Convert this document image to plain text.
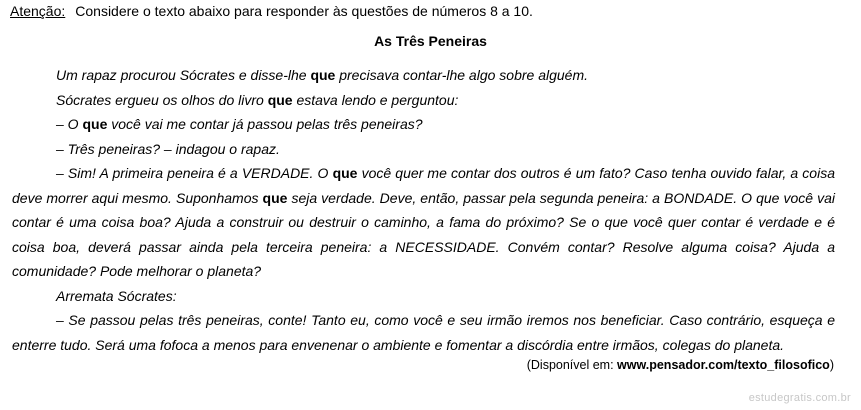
Atenção: Considere o texto abaixo para responder às questões de números 8 a 10.
As Três Peneiras

Um rapaz procurou Sócrates e disse-lhe que precisava contar-lhe algo sobre alguém.

Sócrates ergueu os olhos do livro que estava lendo e perguntou:

– O que você vai me contar já passou pelas três peneiras?

– Três peneiras? – indagou o rapaz.

– Sim! A primeira peneira é a VERDADE. O que você quer me contar dos outros é um fato? Caso tenha ouvido falar, a coisa deve morrer aqui mesmo. Suponhamos que seja verdade. Deve, então, passar pela segunda peneira: a BONDADE. O que você vai contar é uma coisa boa? Ajuda a construir ou destruir o caminho, a fama do próximo? Se o que você quer contar é verdade e é coisa boa, deverá passar ainda pela terceira peneira: a NECESSIDADE. Convém contar? Resolve alguma coisa? Ajuda a comunidade? Pode melhorar o planeta?

Arremata Sócrates:

– Se passou pelas três peneiras, conte! Tanto eu, como você e seu irmão iremos nos beneficiar. Caso contrário, esqueça e enterre tudo. Será uma fofoca a menos para envenenar o ambiente e fomentar a discórdia entre irmãos, colegas do planeta.

(Disponível em: www.pensador.com/texto_filosofico)
estudegratis.com.br
